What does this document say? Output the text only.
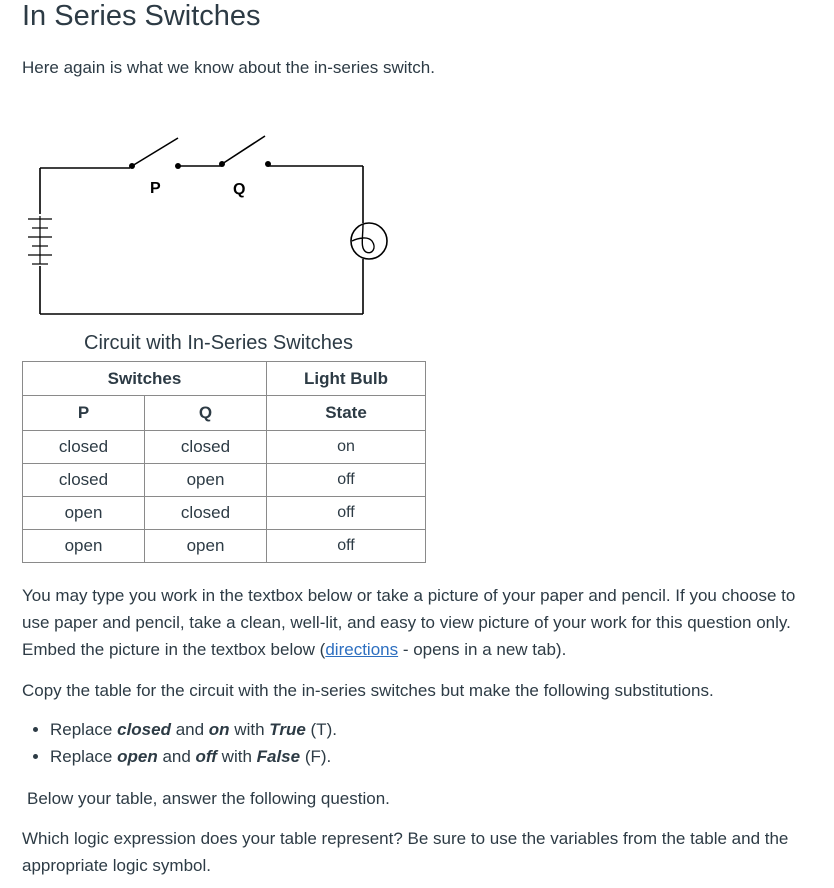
In Series Switches
Here again is what we know about the in-series switch.
P	Q
Circuit with In-Series Switches
Switches		Light Bulb
P	Q	State
closed	closed	on
closed	open	off
open	closed	off
open	open	off

You may type you work in the textbox below or take a picture of your paper and pencil. If you choose to use paper and pencil, take a clean, well-lit, and easy to view picture of your work for this question only. Embed the picture in the textbox below (directions - opens in a new tab).

Copy the table for the circuit with the in-series switches but make the following substitutions.

• Replace closed and on with True (T).
• Replace open and off with False (F).

Below your table, answer the following question.

Which logic expression does your table represent? Be sure to use the variables from the table and the appropriate logic symbol.
